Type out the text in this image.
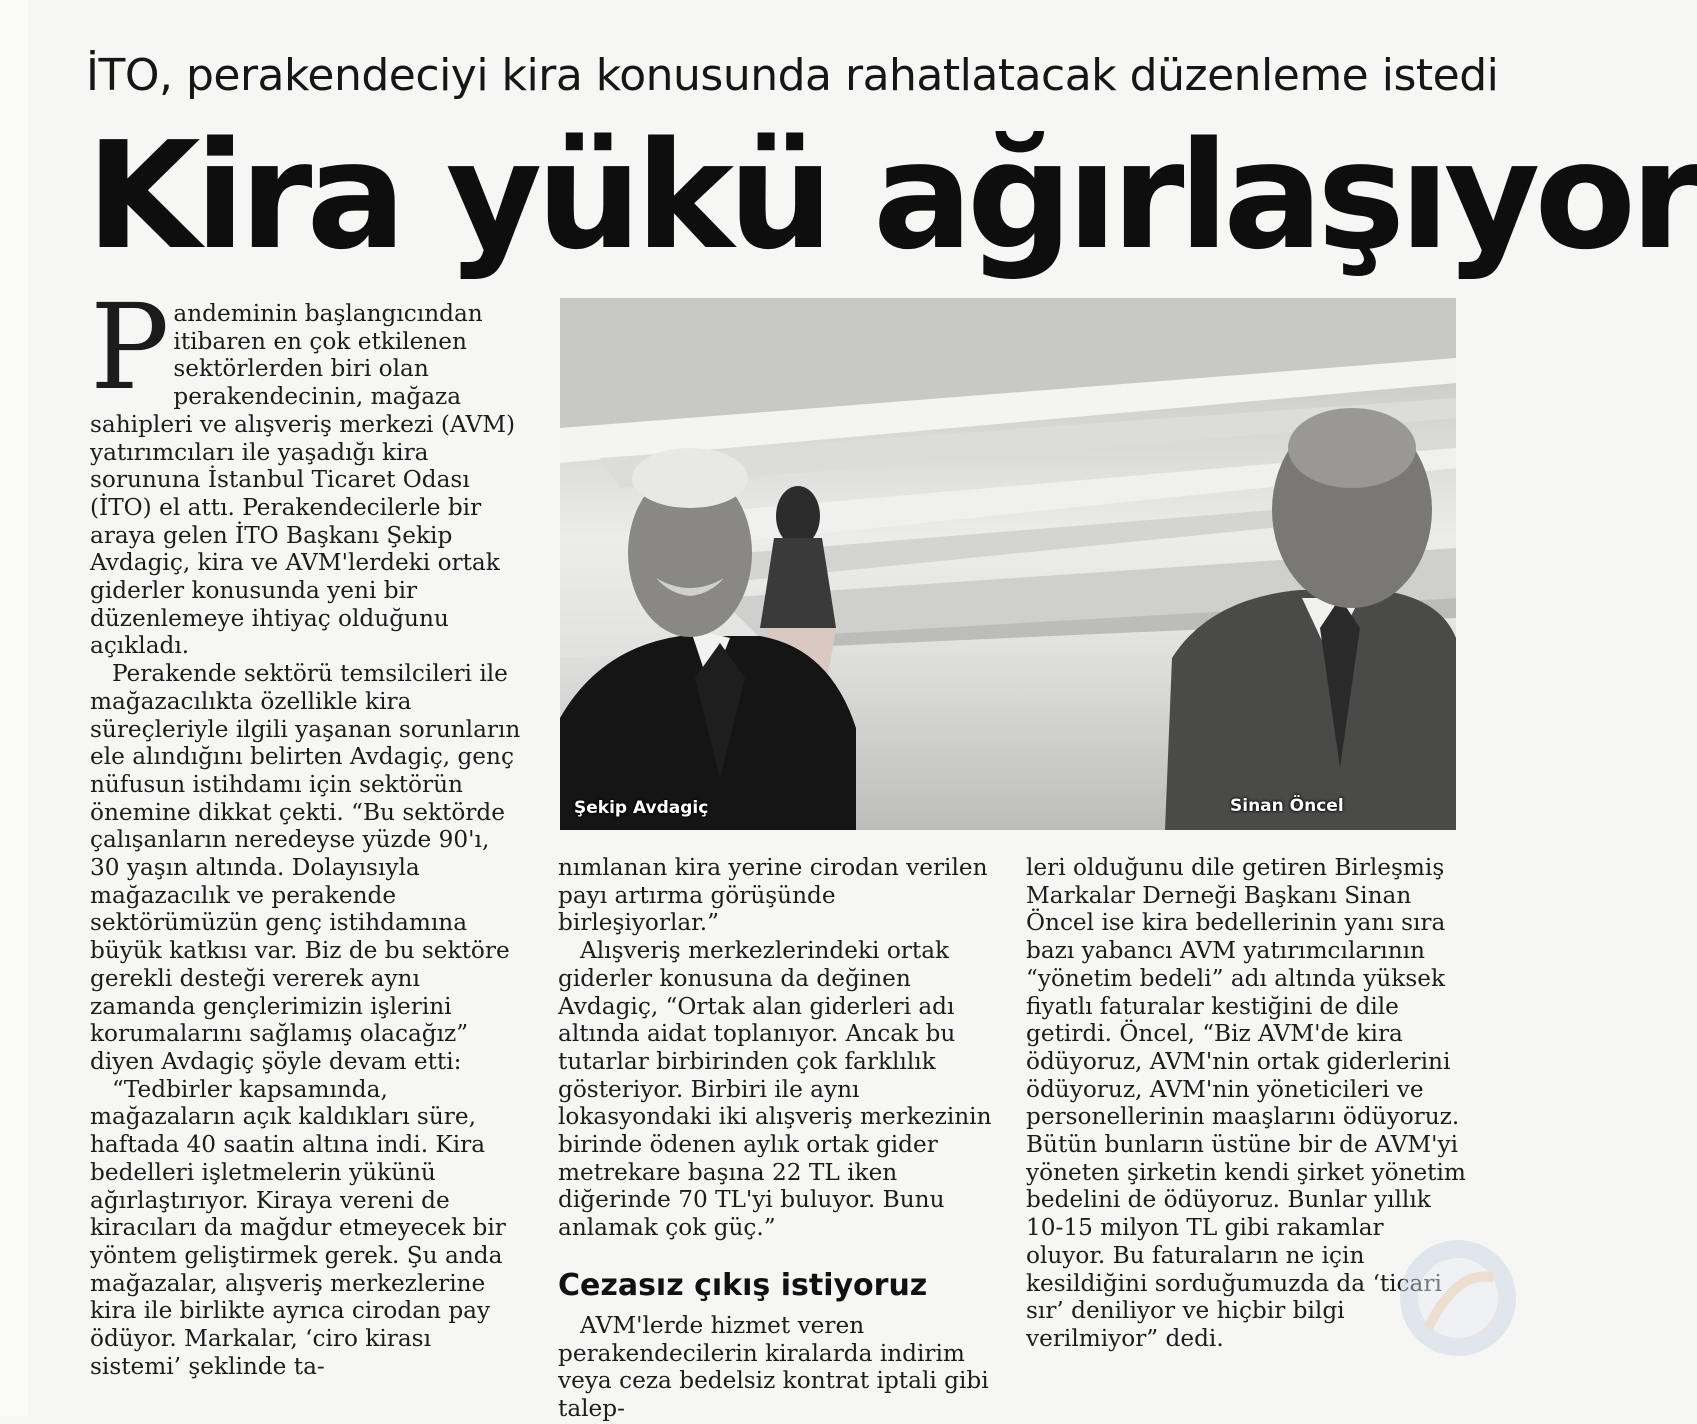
İTO, perakendeciyi kira konusunda rahatlatacak düzenleme istedi
Kira yükü ağırlaşıyor

Pandeminin başlangıcından itibaren en çok etkilenen sektörlerden biri olan perakendecinin, mağaza sahipleri ve alışveriş merkezi (AVM) yatırımcıları ile yaşadığı kira sorununa İstanbul Ticaret Odası (İTO) el attı. Perakendecilerle bir araya gelen İTO Başkanı Şekip Avdagiç, kira ve AVM'lerdeki ortak giderler konusunda yeni bir düzenlemeye ihtiyaç olduğunu açıkladı.

Perakende sektörü temsilcileri ile mağazacılıkta özellikle kira süreçleriyle ilgili yaşanan sorunların ele alındığını belirten Avdagiç, genç nüfusun istihdamı için sektörün önemine dikkat çekti. “Bu sektörde çalışanların neredeyse yüzde 90'ı, 30 yaşın altında. Dolayısıyla mağazacılık ve perakende sektörümüzün genç istihdamına büyük katkısı var. Biz de bu sektöre gerekli desteği vererek aynı zamanda gençlerimizin işlerini korumalarını sağlamış olacağız” diyen Avdagiç şöyle devam etti:

“Tedbirler kapsamında, mağazaların açık kaldıkları süre, haftada 40 saatin altına indi. Kira bedelleri işletmelerin yükünü ağırlaştırıyor. Kiraya vereni de kiracıları da mağdur etmeyecek bir yöntem geliştirmek gerek. Şu anda mağazalar, alışveriş merkezlerine kira ile birlikte ayrıca cirodan pay ödüyor. Markalar, ‘ciro kirası sistemi’ şeklinde ta-

Şekip Avdagiç	Sinan Öncel

nımlanan kira yerine cirodan verilen payı artırma görüşünde birleşiyorlar.”

Alışveriş merkezlerindeki ortak giderler konusuna da değinen Avdagiç, “Ortak alan giderleri adı altında aidat toplanıyor. Ancak bu tutarlar birbirinden çok farklılık gösteriyor. Birbiri ile aynı lokasyondaki iki alışveriş merkezinin birinde ödenen aylık ortak gider metrekare başına 22 TL iken diğerinde 70 TL'yi buluyor. Bunu anlamak çok güç.”

Cezasız çıkış istiyoruz

AVM'lerde hizmet veren perakendecilerin kiralarda indirim veya ceza bedelsiz kontrat iptali gibi talep-

leri olduğunu dile getiren Birleşmiş Markalar Derneği Başkanı Sinan Öncel ise kira bedellerinin yanı sıra bazı yabancı AVM yatırımcılarının “yönetim bedeli” adı altında yüksek fiyatlı faturalar kestiğini de dile getirdi. Öncel, “Biz AVM'de kira ödüyoruz, AVM'nin ortak giderlerini ödüyoruz, AVM'nin yöneticileri ve personellerinin maaşlarını ödüyoruz. Bütün bunların üstüne bir de AVM'yi yöneten şirketin kendi şirket yönetim bedelini de ödüyoruz. Bunlar yıllık 10-15 milyon TL gibi rakamlar oluyor. Bu faturaların ne için kesildiğini sorduğumuzda da ‘ticari sır’ deniliyor ve hiçbir bilgi verilmiyor” dedi.
